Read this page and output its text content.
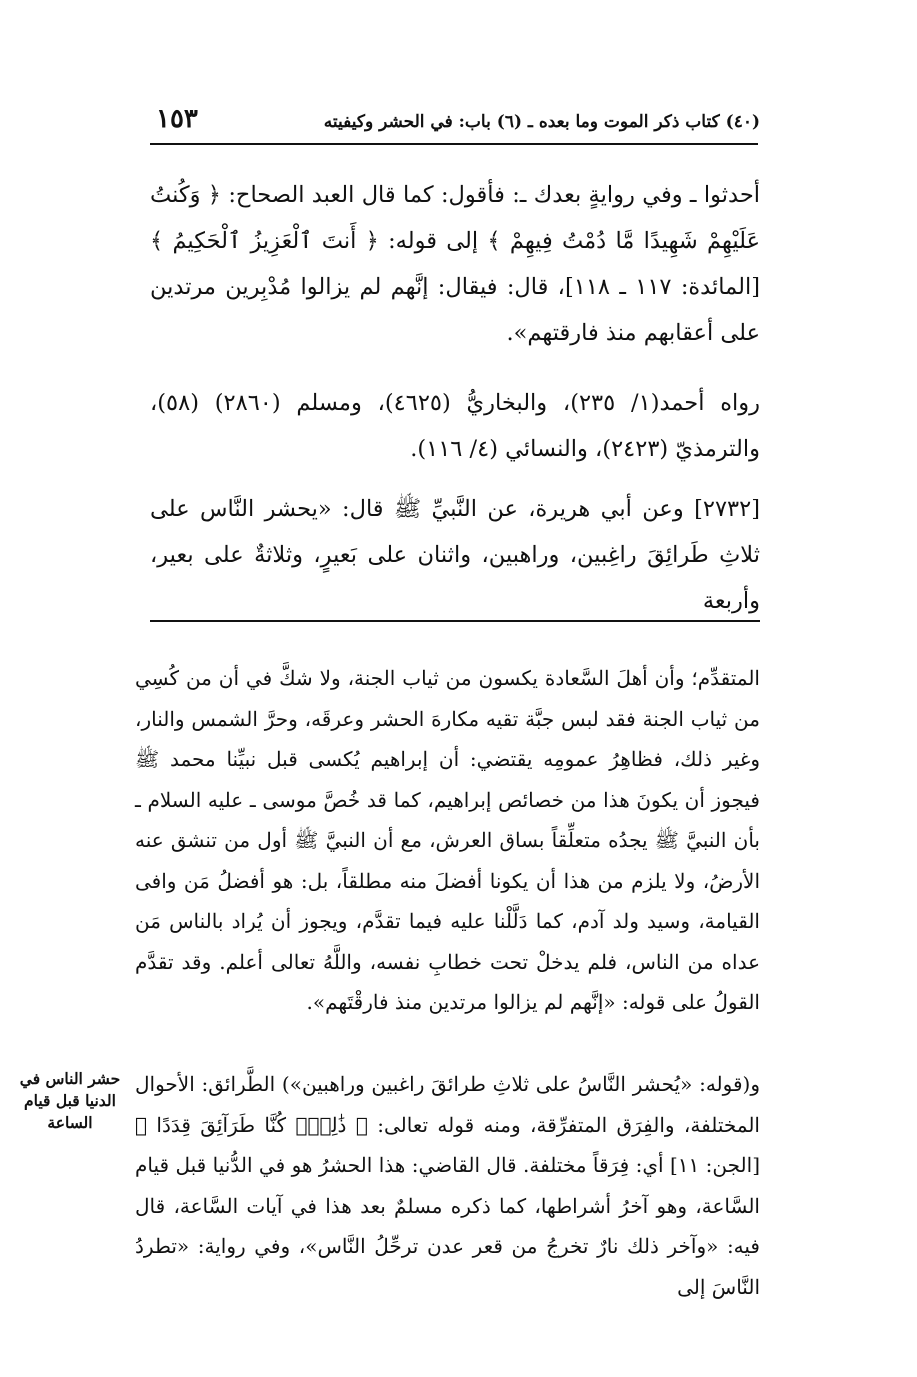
١٥٣	(٤٠) كتاب ذكر الموت وما بعده ـ (٦) باب: في الحشر وكيفيته
أحدثوا ـ وفي روايةٍ بعدك ـ: فأقول: كما قال العبد الصحاح: ﴿ وَكُنتُ عَلَيْهِمْ شَهِيدًا مَّا دُمْتُ فِيهِمْ ﴾ إلى قوله: ﴿ أَنتَ ٱلْعَزِيزُ ٱلْحَكِيمُ ﴾ [المائدة: ١١٧ ـ ١١٨]، قال: فيقال: إنَّهم لم يزالوا مُدْبِرين مرتدين على أعقابهم منذ فارقتهم».
رواه أحمد(١/ ٢٣٥)، والبخاريُّ (٤٦٢٥)، ومسلم (٢٨٦٠) (٥٨)، والترمذيّ (٢٤٢٣)، والنسائي (٤/ ١١٦).
[٢٧٣٢] وعن أبي هريرة، عن النَّبيِّ ﷺ قال: «يحشر النَّاس على ثلاثِ طَرائِقَ راغِبين، وراهبين، واثنان على بَعيرٍ، وثلاثةٌ على بعير، وأربعة
المتقدِّم؛ وأن أهلَ السَّعادة يكسون من ثياب الجنة، ولا شكَّ في أن من كُسِي من ثياب الجنة فقد لبس جبَّة تقيه مكارهَ الحشر وعرقَه، وحرَّ الشمس والنار، وغير ذلك، فظاهِرُ عمومِه يقتضي: أن إبراهيم يُكسى قبل نبيِّنا محمد ﷺ فيجوز أن يكونَ هذا من خصائص إبراهيم، كما قد خُصَّ موسى ـ عليه السلام ـ بأن النبيَّ ﷺ يجدُه متعلِّقاً بساق العرش، مع أن النبيَّ ﷺ أول من تنشق عنه الأرضُ، ولا يلزم من هذا أن يكونا أفضلَ منه مطلقاً، بل: هو أفضلُ مَن وافى القيامة، وسيد ولد آدم، كما دَلَّلْنا عليه فيما تقدَّم، ويجوز أن يُراد بالناس مَن عداه من الناس، فلم يدخلْ تحت خطابِ نفسه، واللَّهُ تعالى أعلم. وقد تقدَّم القولُ على قوله: «إنَّهم لم يزالوا مرتدين منذ فارقْتَهم».
و(قوله: «يُحشر النَّاسُ على ثلاثِ طرائقَ راغبين وراهبين») الطَّرائق: الأحوال المختلفة، والفِرَق المتفرِّقة، ومنه قوله تعالى: ﴿ ذَٰلِكَۖ كُنَّا طَرَآئِقَ قِدَدًا ﴾ [الجن: ١١] أي: فِرَقاً مختلفة. قال القاضي: هذا الحشرُ هو في الدُّنيا قبل قيام السَّاعة، وهو آخرُ أشراطها، كما ذكره مسلمٌ بعد هذا في آيات السَّاعة، قال فيه: «وآخر ذلك نارٌ تخرجُ من قعر عدن ترحِّلُ النَّاس»، وفي رواية: «تطردُ النَّاسَ إلى
حشر الناس في الدنيا قبل قيام الساعة
